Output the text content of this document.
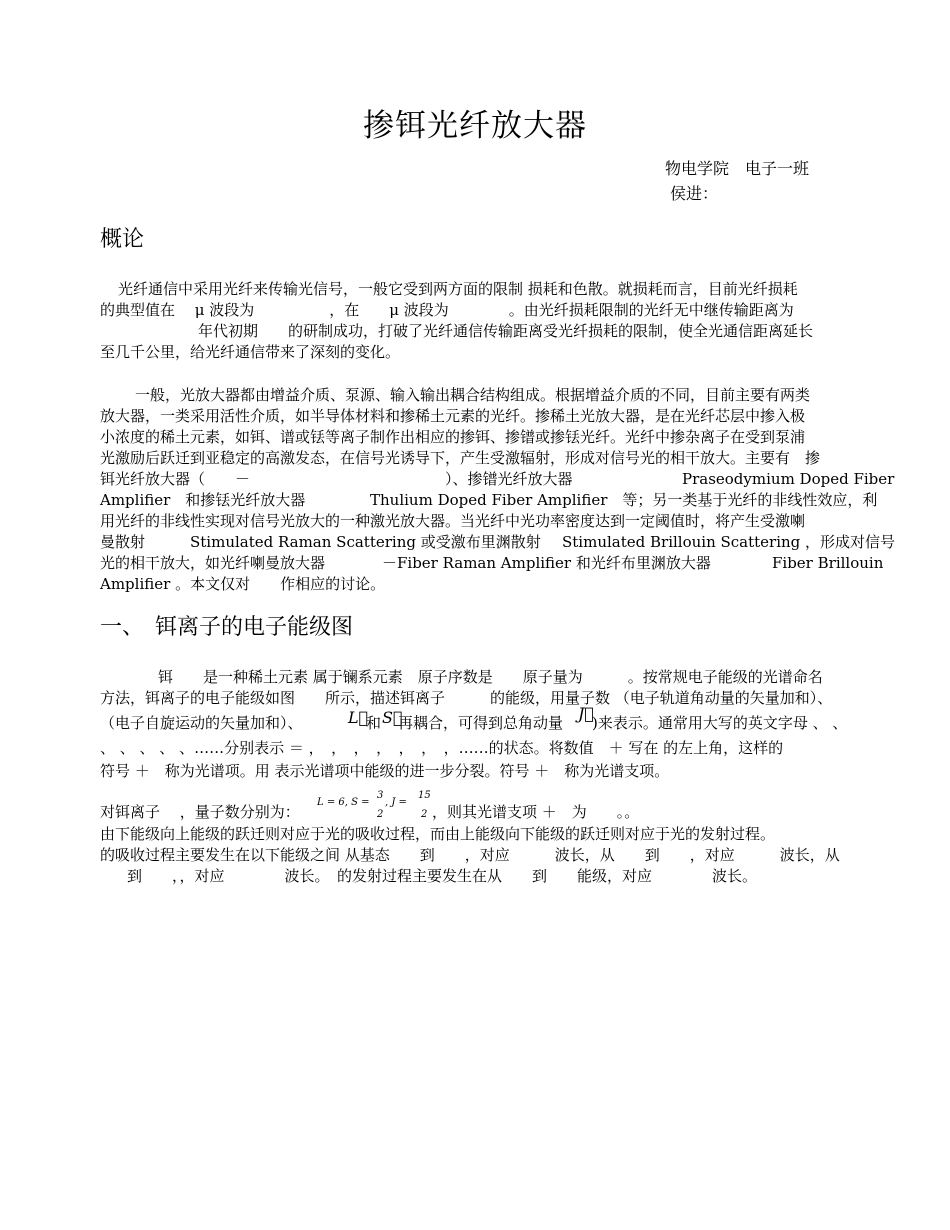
掺铒光纤放大器
物电学院　电子一班
侯进：
概论
光纤通信中采用光纤来传输光信号，一般它受到两方面的限制 损耗和色散。就损耗而言，目前光纤损耗
的典型值在　 μ 波段为　　　　　，在　　μ 波段为　　　　。由光纤损耗限制的光纤无中继传输距离为
年代初期　　的研制成功，打破了光纤通信传输距离受光纤损耗的限制，使全光通信距离延长
至几千公里，给光纤通信带来了深刻的变化。
一般，光放大器都由增益介质、泵源、输入输出耦合结构组成。根据增益介质的不同，目前主要有两类
放大器，一类采用活性介质，如半导体材料和掺稀土元素的光纤。掺稀土光放大器，是在光纤芯层中掺入极
小浓度的稀土元素，如铒、谱或铥等离子制作出相应的掺铒、掺镨或掺铥光纤。光纤中掺杂离子在受到泵浦
光激励后跃迁到亚稳定的高激发态，在信号光诱导下，产生受激辐射，形成对信号光的相干放大。主要有　掺
铒光纤放大器（　　－　　　　　　　　　　　　　）、掺镨光纤放大器	Praseodymium Doped Fiber
Amplifier　和掺铥光纤放大器	Thulium Doped Fiber Amplifier　等；另一类基于光纤的非线性效应，利
用光纤的非线性实现对信号光放大的一种激光放大器。当光纤中光功率密度达到一定阈值时，将产生受激喇
曼散射	Stimulated Raman Scattering 或受激布里渊散射 Stimulated Brillouin Scattering ，形成对信号
光的相干放大，如光纤喇曼放大器	－Fiber Raman Amplifier 和光纤布里渊放大器	Fiber Brillouin
Amplifier 。本文仅对　　作相应的讨论。
一、　铒离子的电子能级图
铒　　是一种稀土元素 属于镧系元素　原子序数是　　原子量为　　　。按常规电子能级的光谱命名
方法，铒离子的电子能级如图　　所示，描述铒离子　　　的能级，用量子数 （电子轨道角动量的矢量加和）、
（电子自旋运动的矢量加和）、	L⃗
和 S⃗
再耦合，可得到总角动量 J⃗
)来表示。通常用大写的英文字母 、 、
、 、 、 、 、……分别表示 ＝ ，　，　，　，　，　，　，……的状态。将数值　＋ 写在 的左上角，这样的
符号 ＋　称为光谱项。用 表示光谱项中能级的进一步分裂。符号 ＋　称为光谱支项。
对铒离子　 ，量子数分别为：
L = 6, S =
3
2
, J =
15
2 ，则其光谱支项 ＋　为　　。。
由下能级向上能级的跃迁则对应于光的吸收过程，而由上能级向下能级的跃迁则对应于光的发射过程。
的吸收过程主要发生在以下能级之间 从基态　　到　　，对应　　　波长，从　　到　　，对应　　　波长，从
到　　，，对应　　　　波长。　的发射过程主要发生在从　　到　　能级，对应　　　　波长。
